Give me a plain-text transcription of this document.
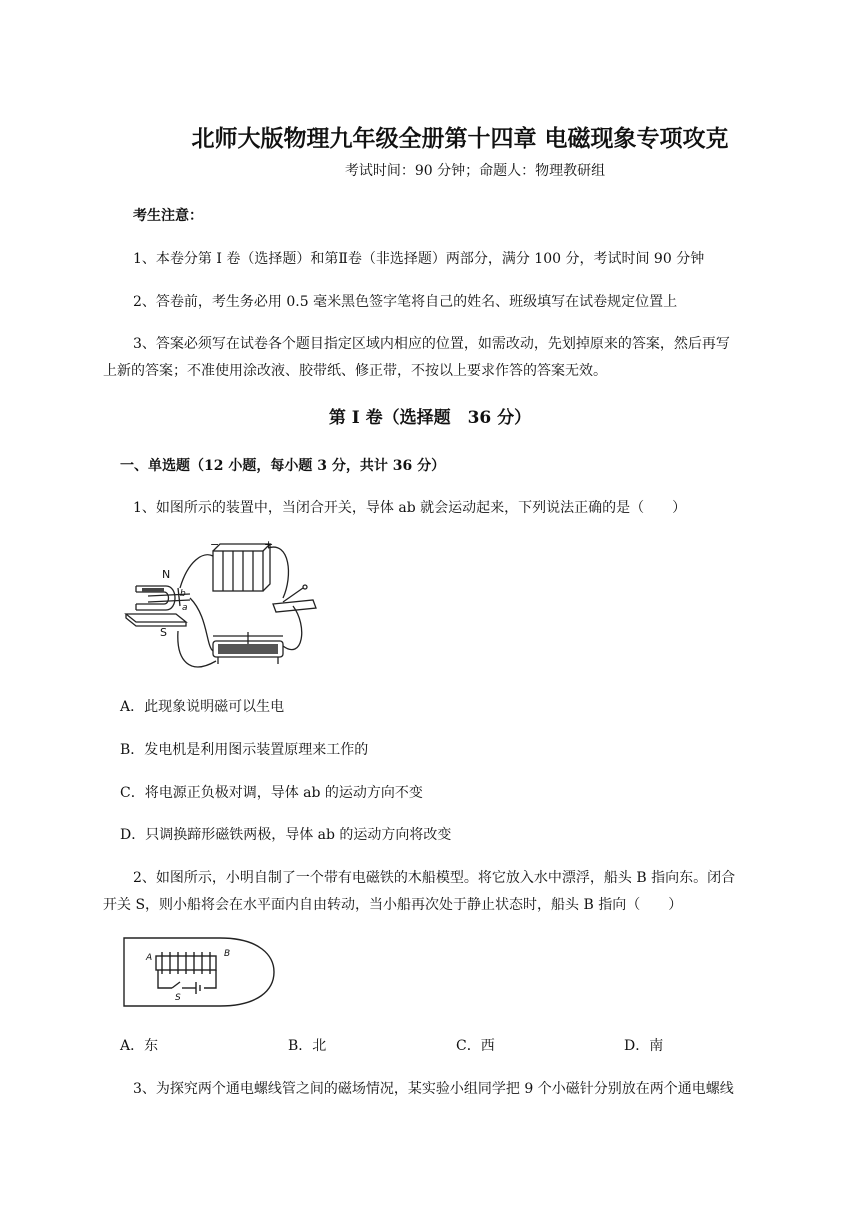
北师大版物理九年级全册第十四章 电磁现象专项攻克
考试时间：90 分钟；命题人：物理教研组
考生注意：
1、本卷分第 I 卷（选择题）和第Ⅱ卷（非选择题）两部分，满分 100 分，考试时间 90 分钟
2、答卷前，考生务必用 0.5 毫米黑色签字笔将自己的姓名、班级填写在试卷规定位置上
3、答案必须写在试卷各个题目指定区域内相应的位置，如需改动，先划掉原来的答案，然后再写
上新的答案；不准使用涂改液、胶带纸、修正带，不按以上要求作答的答案无效。
第 I 卷（选择题　36 分）
一、单选题（12 小题，每小题 3 分，共计 36 分）
1、如图所示的装置中，当闭合开关，导体 ab 就会运动起来，下列说法正确的是（　　）
N
S
b
a
−	+
A．此现象说明磁可以生电
B．发电机是利用图示装置原理来工作的
C．将电源正负极对调，导体 ab 的运动方向不变
D．只调换蹄形磁铁两极，导体 ab 的运动方向将改变
2、如图所示，小明自制了一个带有电磁铁的木船模型。将它放入水中漂浮，船头 B 指向东。闭合
开关 S，则小船将会在水平面内自由转动，当小船再次处于静止状态时，船头 B 指向（　　）
A	B
S
A．东	B．北	C．西	D．南
3、为探究两个通电螺线管之间的磁场情况，某实验小组同学把 9 个小磁针分别放在两个通电螺线
